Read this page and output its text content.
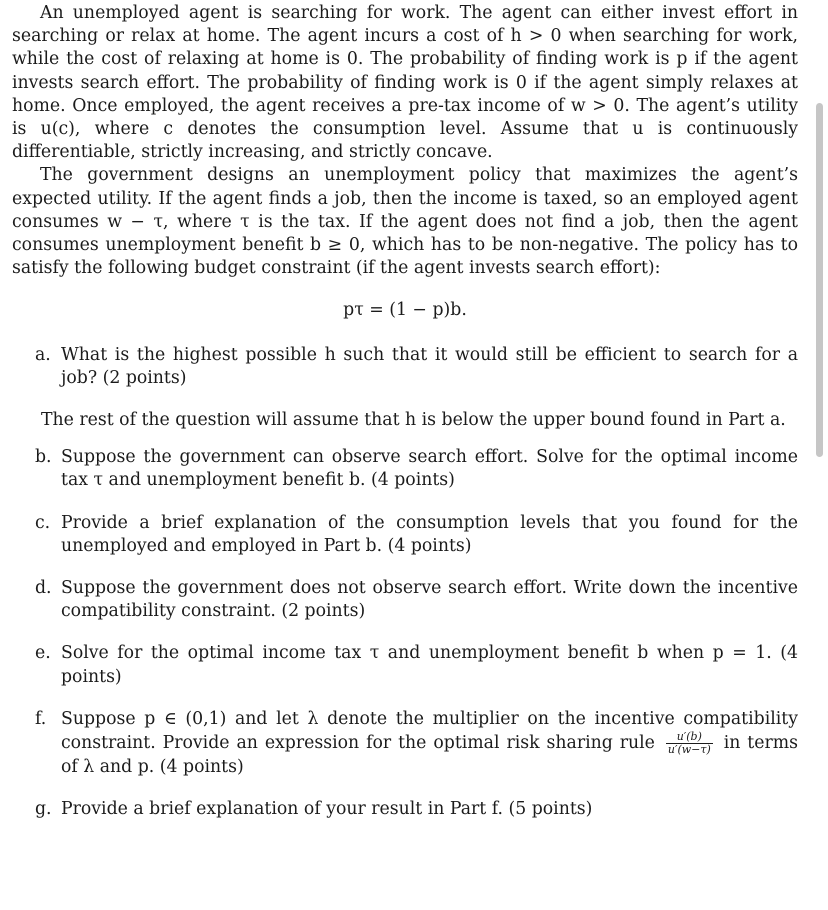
An unemployed agent is searching for work. The agent can either invest effort in searching or relax at home. The agent incurs a cost of h > 0 when searching for work, while the cost of relaxing at home is 0. The probability of finding work is p if the agent invests search effort. The probability of finding work is 0 if the agent simply relaxes at home. Once employed, the agent receives a pre-tax income of w > 0. The agent’s utility is u(c), where c denotes the consumption level. Assume that u is continuously differentiable, strictly increasing, and strictly concave.

The government designs an unemployment policy that maximizes the agent’s expected utility. If the agent finds a job, then the income is taxed, so an employed agent consumes w − τ, where τ is the tax. If the agent does not find a job, then the agent consumes unemployment benefit b ≥ 0, which has to be non-negative. The policy has to satisfy the following budget constraint (if the agent invests search effort):

pτ = (1 − p)b.
a. What is the highest possible h such that it would still be efficient to search for a job? (2 points)

The rest of the question will assume that h is below the upper bound found in Part a.

b. Suppose the government can observe search effort. Solve for the optimal income tax τ and unemployment benefit b. (4 points)
c. Provide a brief explanation of the consumption levels that you found for the unemployed and employed in Part b. (4 points)
d. Suppose the government does not observe search effort. Write down the incentive compatibility constraint. (2 points)
e. Solve for the optimal income tax τ and unemployment benefit b when p = 1. (4 points)
f. Suppose p ∈ (0,1) and let λ denote the multiplier on the incentive compatibility constraint. Provide an expression for the optimal risk sharing rule $\frac{u'(b)}{u'(w-\tau)}$ in terms of λ and p. (4 points)
g. Provide a brief explanation of your result in Part f. (5 points)
